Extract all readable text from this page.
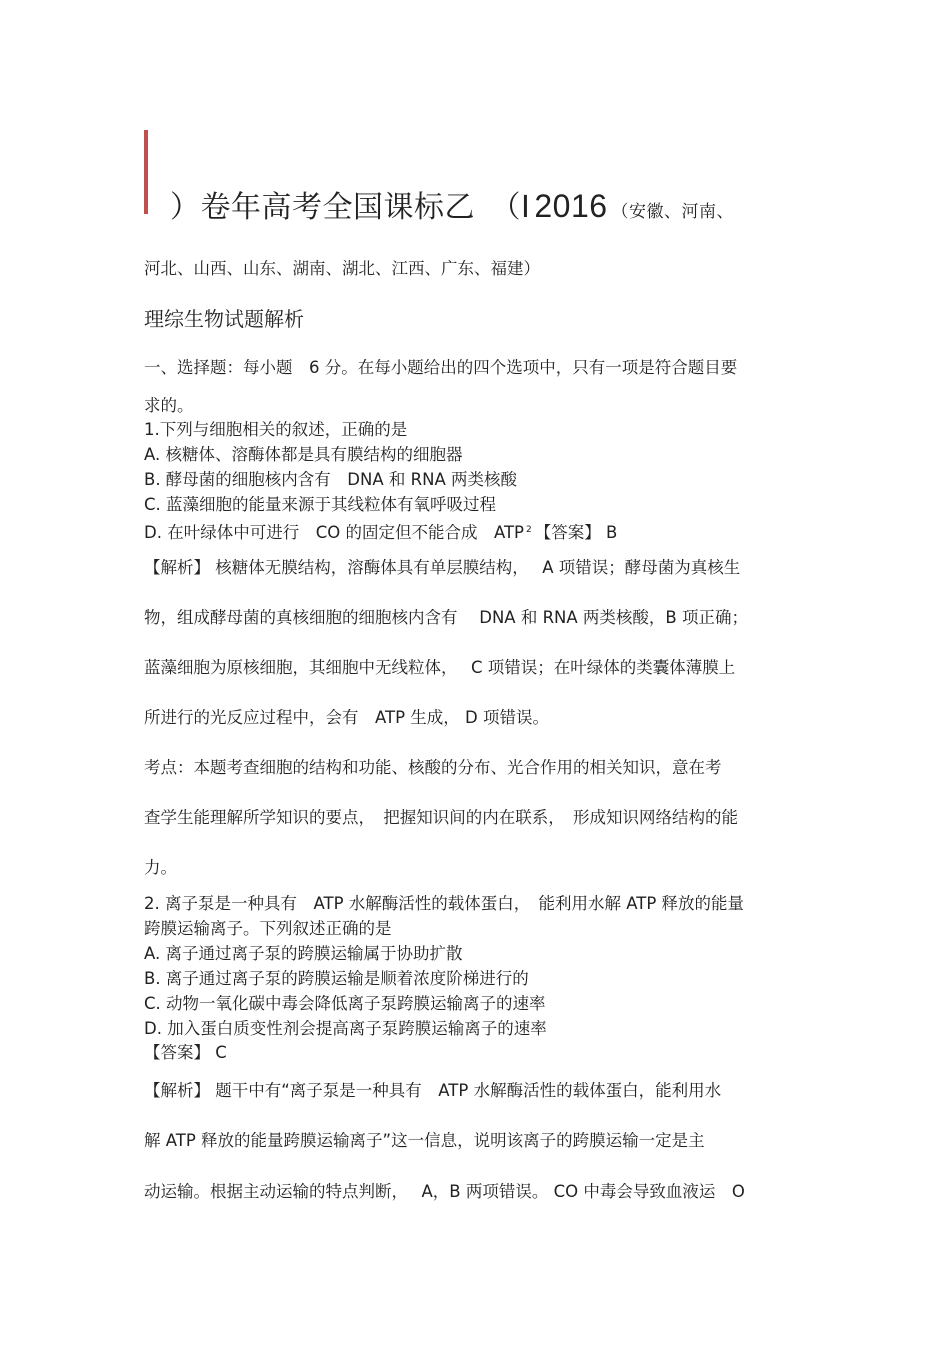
）卷年高考全国课标乙　（Ⅰ 2016 （安徽、河南、
河北、山西、山东、湖南、湖北、江西、广东、福建）
理综生物试题解析
一、选择题：每小题　6 分。在每小题给出的四个选项中，只有一项是符合题目要
求的。
1.下列与细胞相关的叙述，正确的是
A. 核糖体、溶酶体都是具有膜结构的细胞器
B. 酵母菌的细胞核内含有　DNA 和 RNA 两类核酸
C. 蓝藻细胞的能量来源于其线粒体有氧呼吸过程
D. 在叶绿体中可进行　CO 的固定但不能合成　ATP $^2$ 【答案】 B
【解析】 核糖体无膜结构，溶酶体具有单层膜结构，　 A 项错误；酵母菌为真核生
物，组成酵母菌的真核细胞的细胞核内含有　 DNA 和 RNA 两类核酸，B 项正确；
蓝藻细胞为原核细胞，其细胞中无线粒体，　 C 项错误；在叶绿体的类囊体薄膜上
所进行的光反应过程中，会有　ATP 生成， D 项错误。
考点：本题考查细胞的结构和功能、核酸的分布、光合作用的相关知识，意在考
查学生能理解所学知识的要点，　把握知识间的内在联系，　形成知识网络结构的能
力。
2. 离子泵是一种具有　ATP 水解酶活性的载体蛋白，　能利用水解 ATP 释放的能量
跨膜运输离子。下列叙述正确的是
A. 离子通过离子泵的跨膜运输属于协助扩散
B. 离子通过离子泵的跨膜运输是顺着浓度阶梯进行的
C. 动物一氧化碳中毒会降低离子泵跨膜运输离子的速率
D. 加入蛋白质变性剂会提高离子泵跨膜运输离子的速率
【答案】 C
【解析】 题干中有“离子泵是一种具有　ATP 水解酶活性的载体蛋白，能利用水
解 ATP 释放的能量跨膜运输离子”这一信息，说明该离子的跨膜运输一定是主
动运输。根据主动运输的特点判断，　 A，B 两项错误。 CO 中毒会导致血液运　O
